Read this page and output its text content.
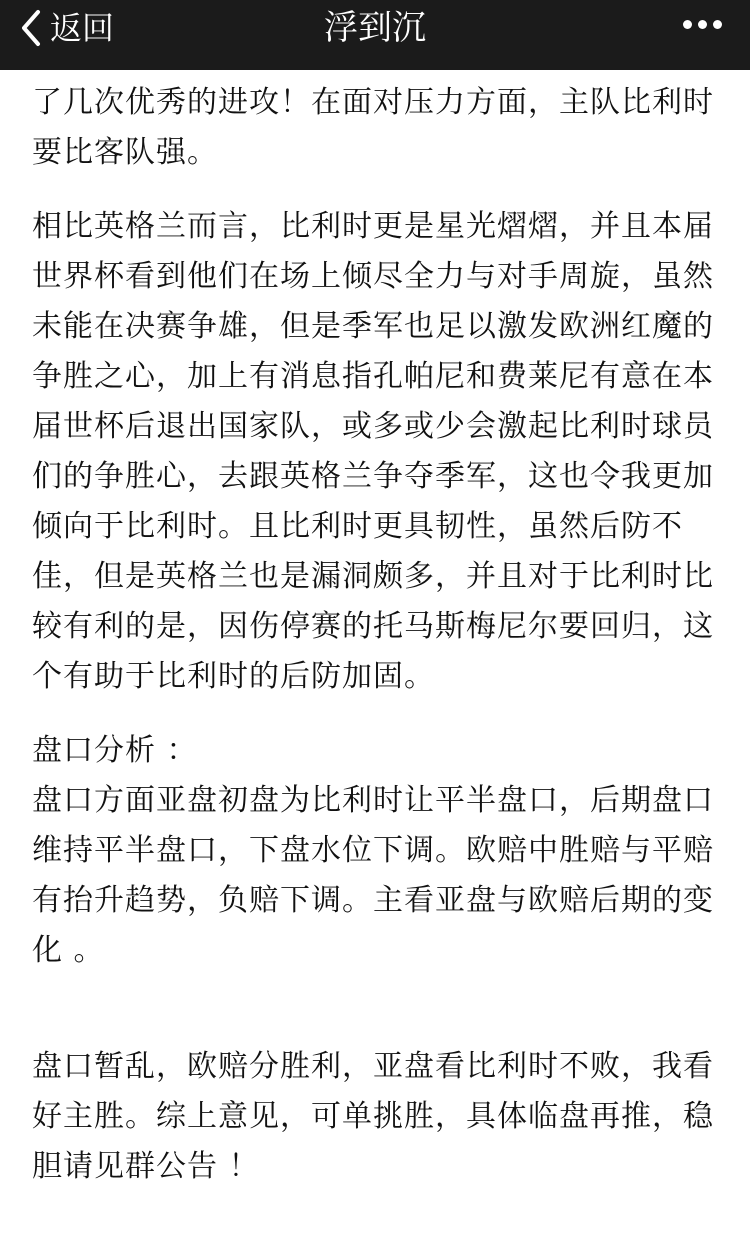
返回	浮到沉

了几次优秀的进攻！在面对压力方面，主队比利时要比客队强。

相比英格兰而言，比利时更是星光熠熠，并且本届世界杯看到他们在场上倾尽全力与对手周旋，虽然未能在决赛争雄，但是季军也足以激发欧洲红魔的争胜之心，加上有消息指孔帕尼和费莱尼有意在本届世杯后退出国家队，或多或少会激起比利时球员们的争胜心，去跟英格兰争夺季军，这也令我更加倾向于比利时。且比利时更具韧性，虽然后防不佳，但是英格兰也是漏洞颇多，并且对于比利时比较有利的是，因伤停赛的托马斯梅尼尔要回归，这个有助于比利时的后防加固。

盘口分析 ：

盘口方面亚盘初盘为比利时让平半盘口，后期盘口维持平半盘口，下盘水位下调。欧赔中胜赔与平赔有抬升趋势，负赔下调。主看亚盘与欧赔后期的变化 。

盘口暂乱，欧赔分胜利，亚盘看比利时不败，我看好主胜。综上意见，可单挑胜，具体临盘再推，稳胆请见群公告 ！
